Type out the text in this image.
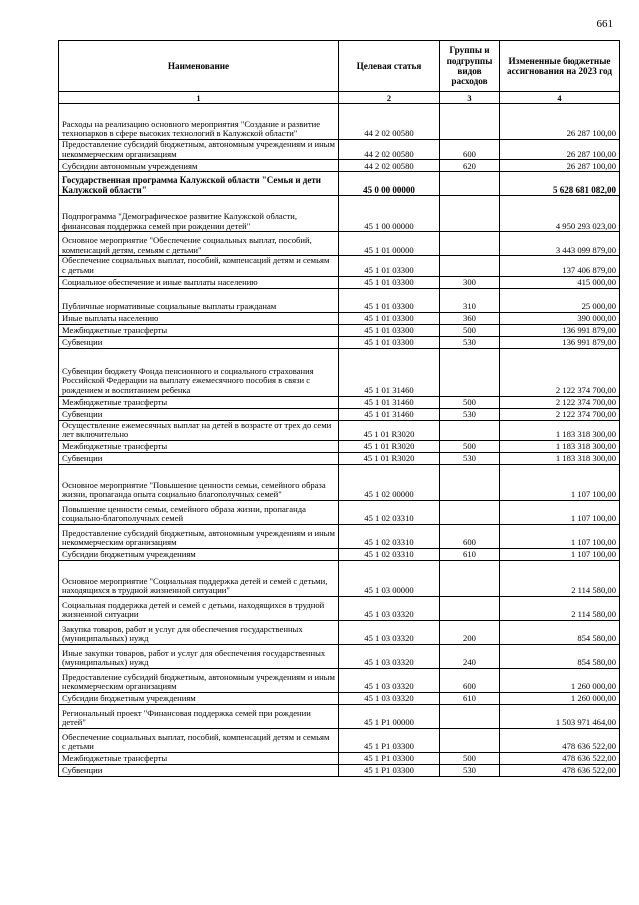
661
Наименование	Целевая статья	Группы и подгруппы видов расходов	Измененные бюджетные ассигнования на 2023 год
1	2	3	4
Расходы на реализацию основного мероприятия "Создание и развитие технопарков в сфере высоких технологий в Калужской области"	44 2 02 00580		26 287 100,00
Предоставление субсидий бюджетным, автономным учреждениям и иным некоммерческим организациям	44 2 02 00580	600	26 287 100,00
Субсидии автономным учреждениям	44 2 02 00580	620	26 287 100,00
Государственная программа Калужской области "Семья и дети Калужской области"	45 0 00 00000		5 628 681 082,00
Подпрограмма "Демографическое развитие Калужской области, финансовая поддержка семей при рождении детей"	45 1 00 00000		4 950 293 023,00
Основное мероприятие "Обеспечение социальных выплат, пособий, компенсаций детям, семьям с детьми"	45 1 01 00000		3 443 099 879,00
Обеспечение социальных выплат, пособий, компенсаций детям и семьям с детьми	45 1 01 03300		137 406 879,00
Социальное обеспечение и иные выплаты населению	45 1 01 03300	300	415 000,00
Публичные нормативные социальные выплаты гражданам	45 1 01 03300	310	25 000,00
Иные выплаты населению	45 1 01 03300	360	390 000,00
Межбюджетные трансферты	45 1 01 03300	500	136 991 879,00
Субвенции	45 1 01 03300	530	136 991 879,00
Субвенции бюджету Фонда пенсионного и социального страхования Российской Федерации на выплату ежемесячного пособия в связи с рождением и воспитанием ребенка	45 1 01 31460		2 122 374 700,00
Межбюджетные трансферты	45 1 01 31460	500	2 122 374 700,00
Субвенции	45 1 01 31460	530	2 122 374 700,00
Осуществление ежемесячных выплат на детей в возрасте от трех до семи лет включительно	45 1 01 R3020		1 183 318 300,00
Межбюджетные трансферты	45 1 01 R3020	500	1 183 318 300,00
Субвенции	45 1 01 R3020	530	1 183 318 300,00
Основное мероприятие "Повышение ценности семьи, семейного образа жизни, пропаганда опыта социально благополучных семей"	45 1 02 00000		1 107 100,00
Повышение ценности семьи, семейного образа жизни, пропаганда социально-благополучных семей	45 1 02 03310		1 107 100,00
Предоставление субсидий бюджетным, автономным учреждениям и иным некоммерческим организациям	45 1 02 03310	600	1 107 100,00
Субсидии бюджетным учреждениям	45 1 02 03310	610	1 107 100,00
Основное мероприятие "Социальная поддержка детей и семей с детьми, находящихся в трудной жизненной ситуации"	45 1 03 00000		2 114 580,00
Социальная поддержка детей и семей с детьми, находящихся в трудной жизненной ситуации	45 1 03 03320		2 114 580,00
Закупка товаров, работ и услуг для обеспечения государственных (муниципальных) нужд	45 1 03 03320	200	854 580,00
Иные закупки товаров, работ и услуг для обеспечения государственных (муниципальных) нужд	45 1 03 03320	240	854 580,00
Предоставление субсидий бюджетным, автономным учреждениям и иным некоммерческим организациям	45 1 03 03320	600	1 260 000,00
Субсидии бюджетным учреждениям	45 1 03 03320	610	1 260 000,00
Региональный проект "Финансовая поддержка семей при рождении детей"	45 1 P1 00000		1 503 971 464,00
Обеспечение социальных выплат, пособий, компенсаций детям и семьям с детьми	45 1 P1 03300		478 636 522,00
Межбюджетные трансферты	45 1 P1 03300	500	478 636 522,00
Субвенции	45 1 P1 03300	530	478 636 522,00
